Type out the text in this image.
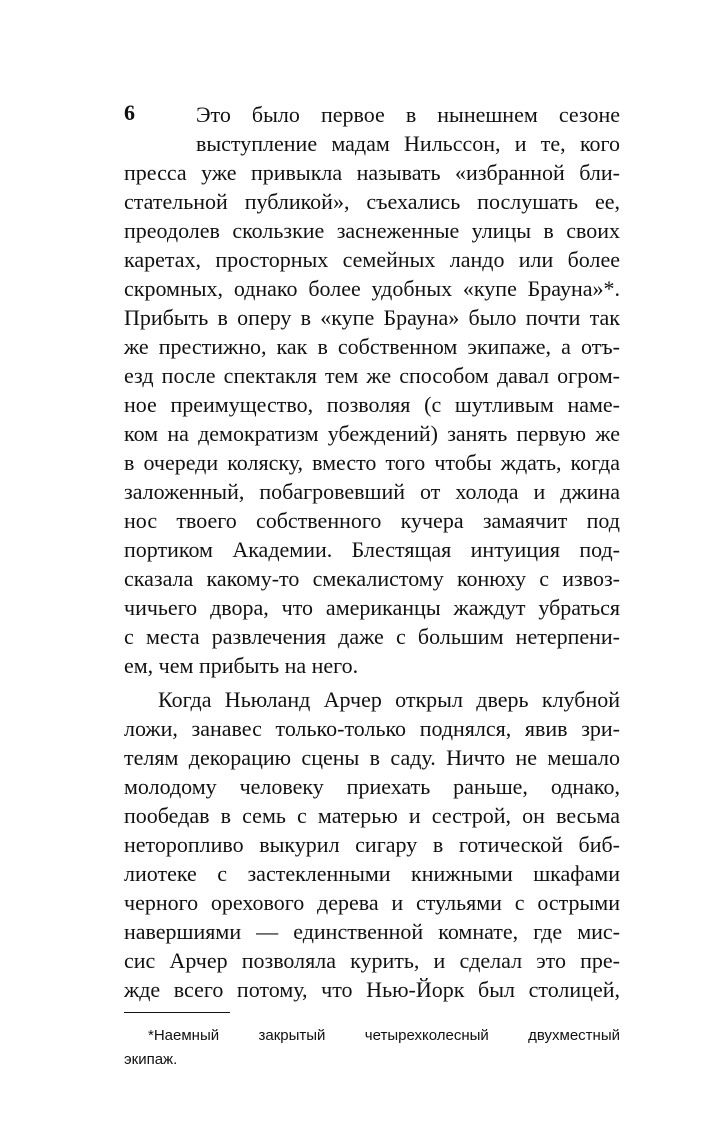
6	Это было первое в нынешнем сезоне
выступление мадам Нильссон, и те, кого
пресса уже привыкла называть «избранной бли-
стательной публикой», съехались послушать ее,
преодолев скользкие заснеженные улицы в своих
каретах, просторных семейных ландо или более
скромных, однако более удобных «купе Брауна»*.
Прибыть в оперу в «купе Брауна» было почти так
же престижно, как в собственном экипаже, а отъ-
езд после спектакля тем же способом давал огром-
ное преимущество, позволяя (с шутливым наме-
ком на демократизм убеждений) занять первую же
в очереди коляску, вместо того чтобы ждать, когда
заложенный, побагровевший от холода и джина
нос твоего собственного кучера замаячит под
портиком Академии. Блестящая интуиция под-
сказала какому-то смекалистому конюху с извоз-
чичьего двора, что американцы жаждут убраться
с места развлечения даже с большим нетерпени-
ем, чем прибыть на него.
Когда Ньюланд Арчер открыл дверь клубной
ложи, занавес только-только поднялся, явив зри-
телям декорацию сцены в саду. Ничто не мешало
молодому человеку приехать раньше, однако,
пообедав в семь с матерью и сестрой, он весьма
неторопливо выкурил сигару в готической биб-
лиотеке с застекленными книжными шкафами
черного орехового дерева и стульями с острыми
навершиями — единственной комнате, где мис-
сис Арчер позволяла курить, и сделал это пре-
жде всего потому, что Нью-Йорк был столицей,
*Наемный закрытый четырехколесный двухместный
экипаж.
